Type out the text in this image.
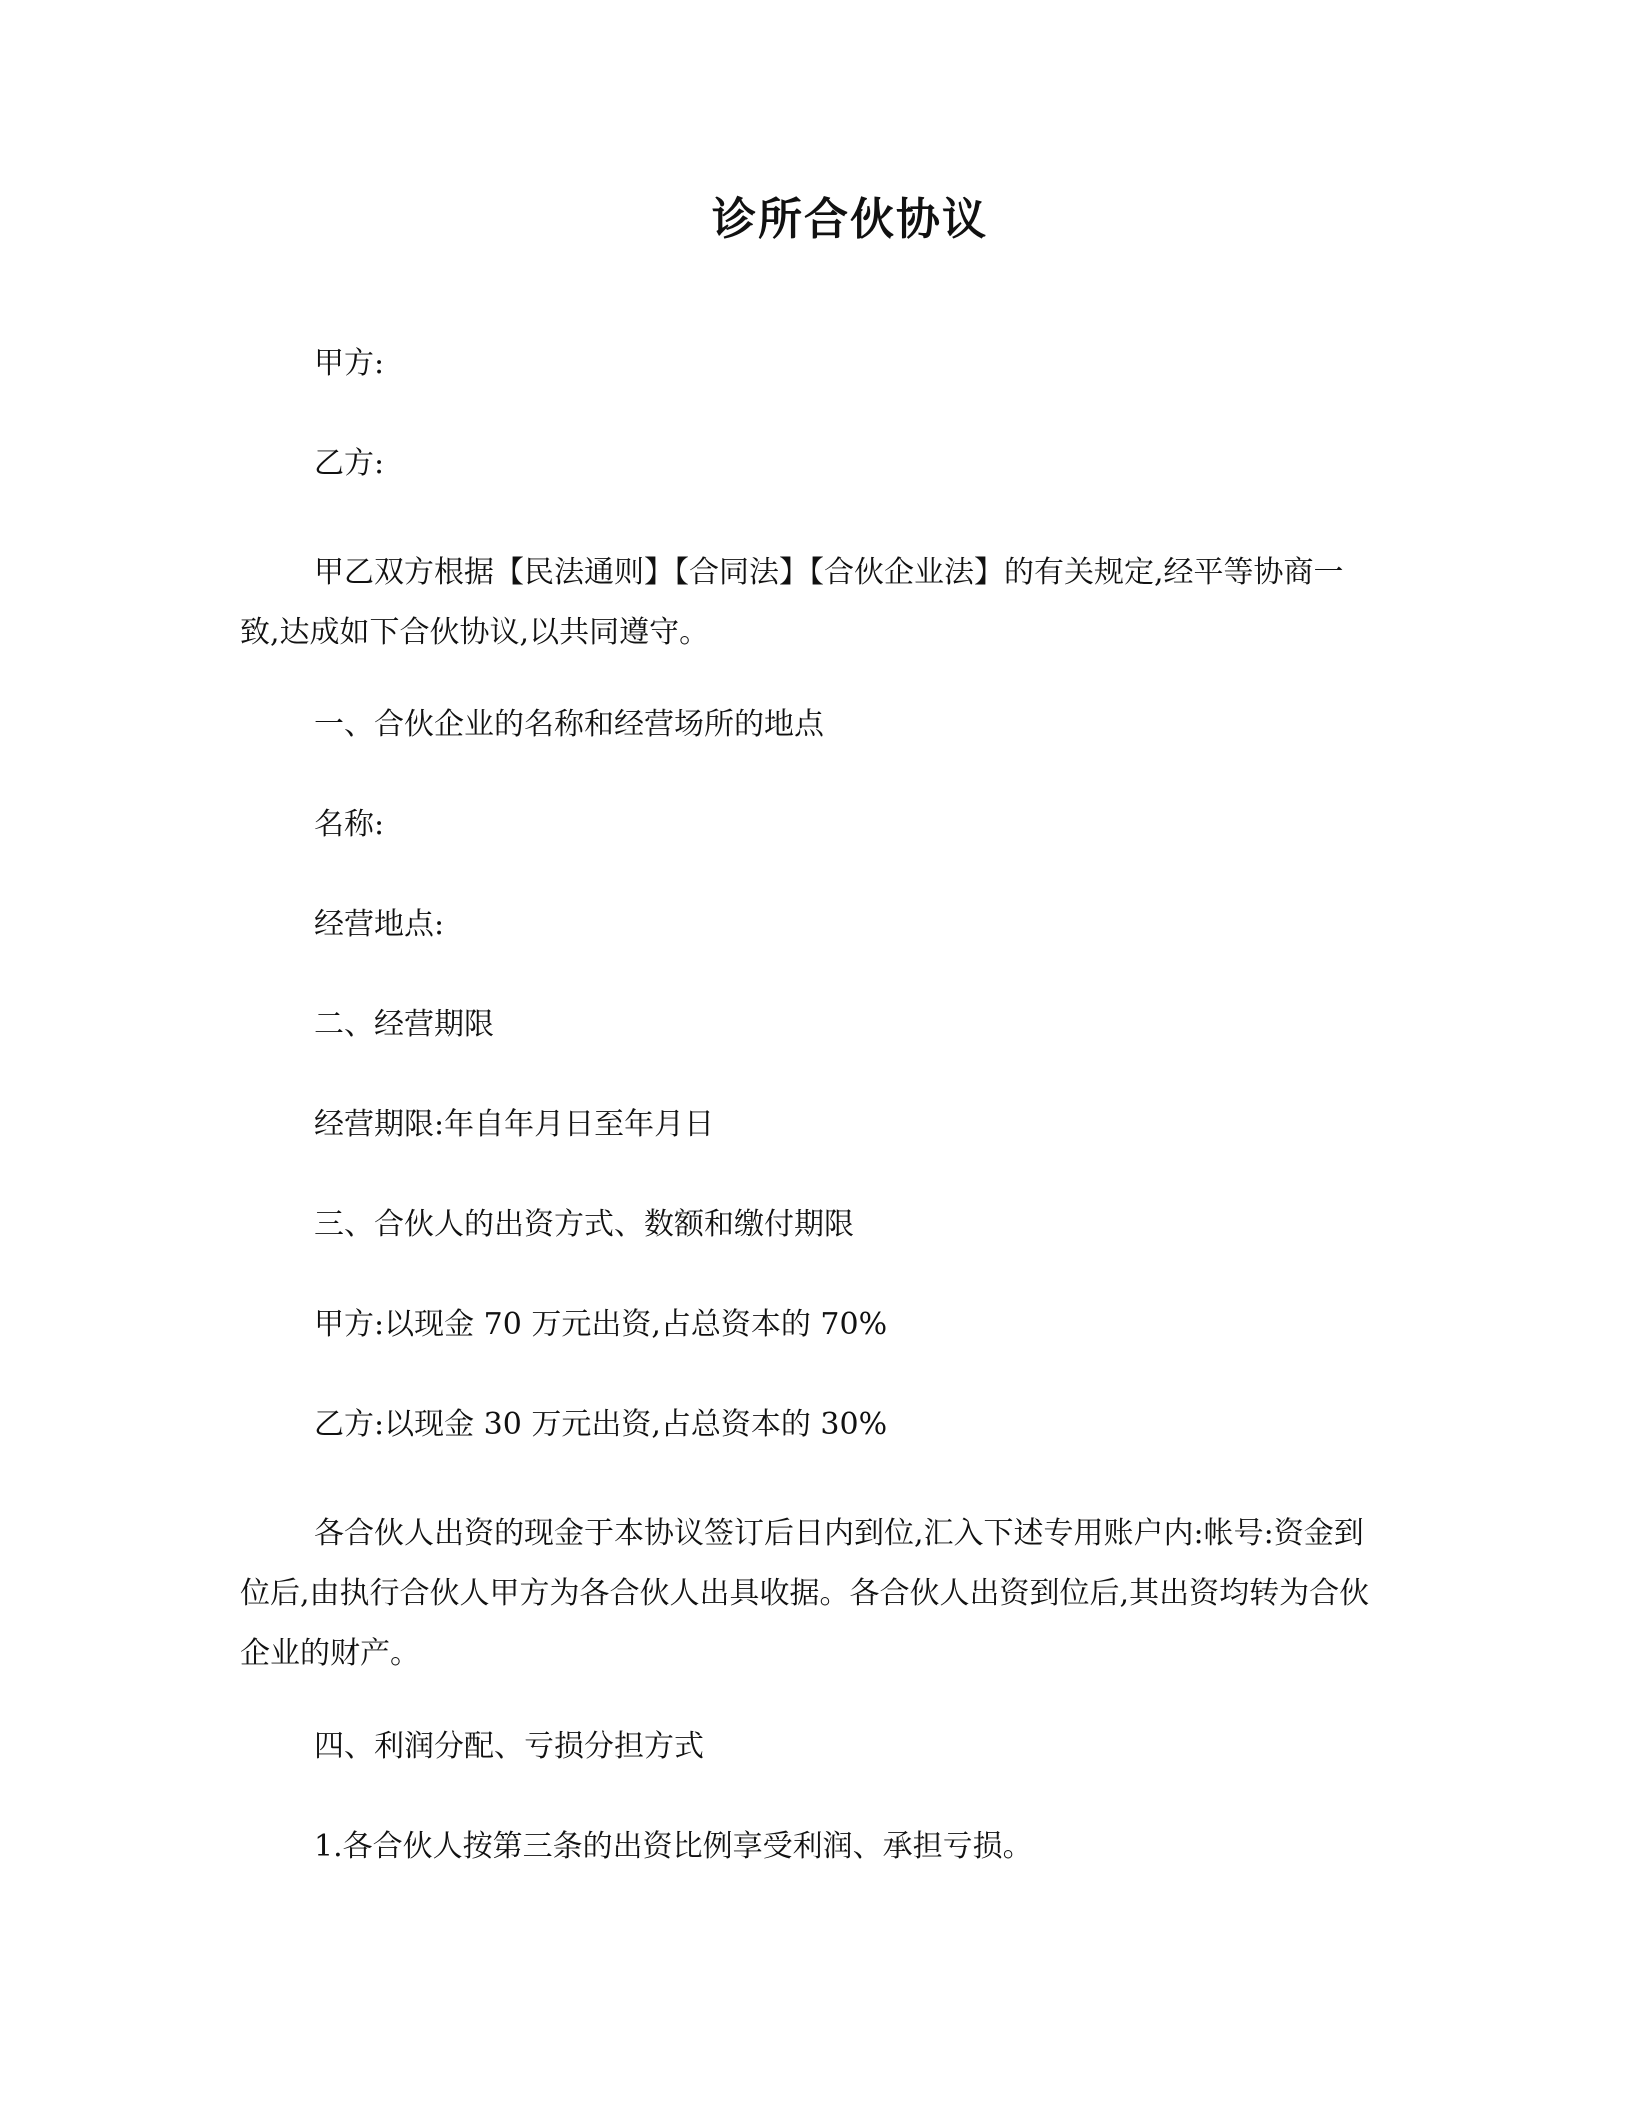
诊所合伙协议

甲方:

乙方:

甲乙双方根据【民法通则】【合同法】【合伙企业法】的有关规定,经平等协商一致,达成如下合伙协议,以共同遵守。

一、合伙企业的名称和经营场所的地点

名称:

经营地点:

二、经营期限

经营期限:年自年月日至年月日

三、合伙人的出资方式、数额和缴付期限

甲方:以现金 70 万元出资,占总资本的 70%

乙方:以现金 30 万元出资,占总资本的 30%

各合伙人出资的现金于本协议签订后日内到位,汇入下述专用账户内:帐号:资金到位后,由执行合伙人甲方为各合伙人出具收据。各合伙人出资到位后,其出资均转为合伙企业的财产。

四、利润分配、亏损分担方式

1.各合伙人按第三条的出资比例享受利润、承担亏损。
